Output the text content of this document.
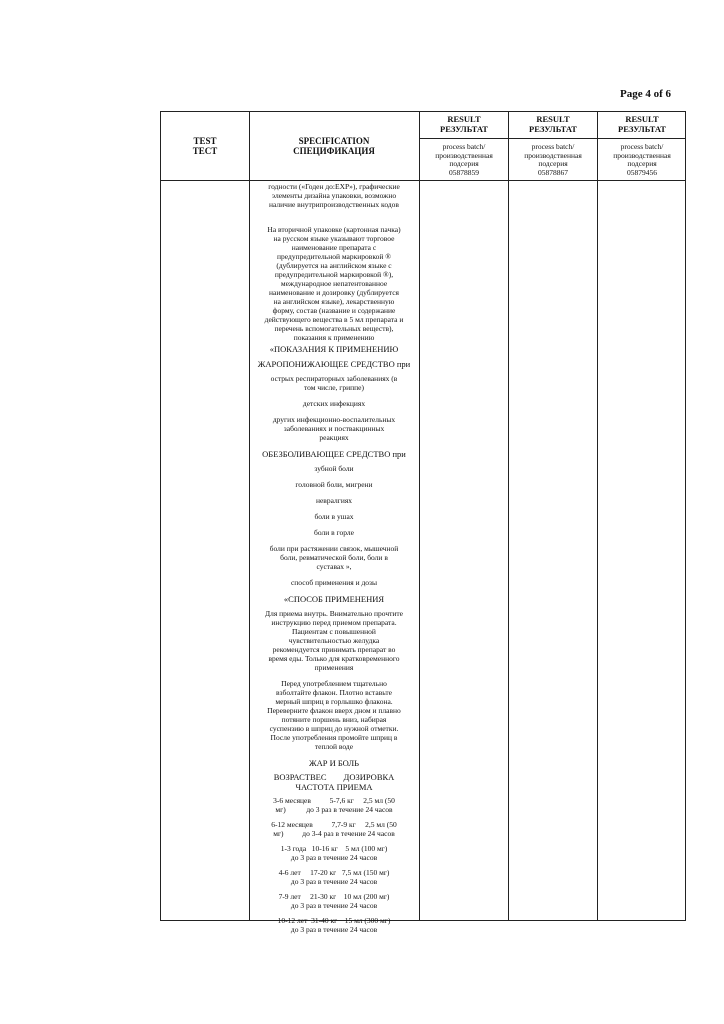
Page 4 of 6
TEST
ТЕСТ
SPECIFICATION
СПЕЦИФИКАЦИЯ
RESULT
РЕЗУЛЬТАТ
RESULT
РЕЗУЛЬТАТ
RESULT
РЕЗУЛЬТАТ
process batch/
производственная
подсерия
05878859
process batch/
производственная
подсерия
05878867
process batch/
производственная
подсерия
05879456
годности («Годен до:EXP»), графические
элементы дизайна упаковки, возможно
наличие внутрипроизводственных кодов
На вторичной упаковке (картонная пачка)
на русском языке указывают торговое
наименование препарата с
предупредительной маркировкой ®
(дублируется на английском языке с
предупредительной маркировкой ®),
международное непатентованное
наименование и дозировку (дублируется
на английском языке), лекарственную
форму, состав (название и содержание
действующего вещества в 5 мл препарата и
перечень вспомогательных веществ),
показания к применению
«ПОКАЗАНИЯ К ПРИМЕНЕНИЮ
ЖАРОПОНИЖАЮЩЕЕ СРЕДСТВО при
острых респираторных заболеваниях (в
том числе, гриппе)
детских инфекциях
других инфекционно-воспалительных
заболеваниях и поствакцинных
реакциях
ОБЕЗБОЛИВАЮЩЕЕ СРЕДСТВО при
зубной боли
головной боли, мигрени
невралгиях
боли в ушах
боли в горле
боли при растяжении связок, мышечной
боли, ревматической боли, боли в
суставах »,
способ применения и дозы
«СПОСОБ ПРИМЕНЕНИЯ
Для приема внутрь. Внимательно прочтите
инструкцию перед приемом препарата.
Пациентам с повышенной
чувствительностью желудка
рекомендуется принимать препарат во
время еды. Только для кратковременного
применения
Перед употреблением тщательно
взболтайте флакон. Плотно вставьте
мерный шприц в горлышко флакона.
Переверните флакон вверх дном и плавно
потяните поршень вниз, набирая
суспензию в шприц до нужной отметки.
После употребления промойте шприц в
теплой воде
ЖАР И БОЛЬ
ВОЗРАСТВЕС        ДОЗИРОВКА
ЧАСТОТА ПРИЕМА
3-6 месяцев          5-7,6 кг     2,5 мл (50
мг)           до 3 раз в течение 24 часов
6-12 месяцев          7,7-9 кг     2,5 мл (50
мг)          до 3-4 раз в течение 24 часов
1-3 года   10-16 кг    5 мл (100 мг)
до 3 раз в течение 24 часов
4-6 лет     17-20 кг   7,5 мл (150 мг)
до 3 раз в течение 24 часов
7-9 лет     21-30 кг    10 мл (200 мг)
до 3 раз в течение 24 часов
10-12 лет  31-40 кг    15 мл (300 мг)
до 3 раз в течение 24 часов
